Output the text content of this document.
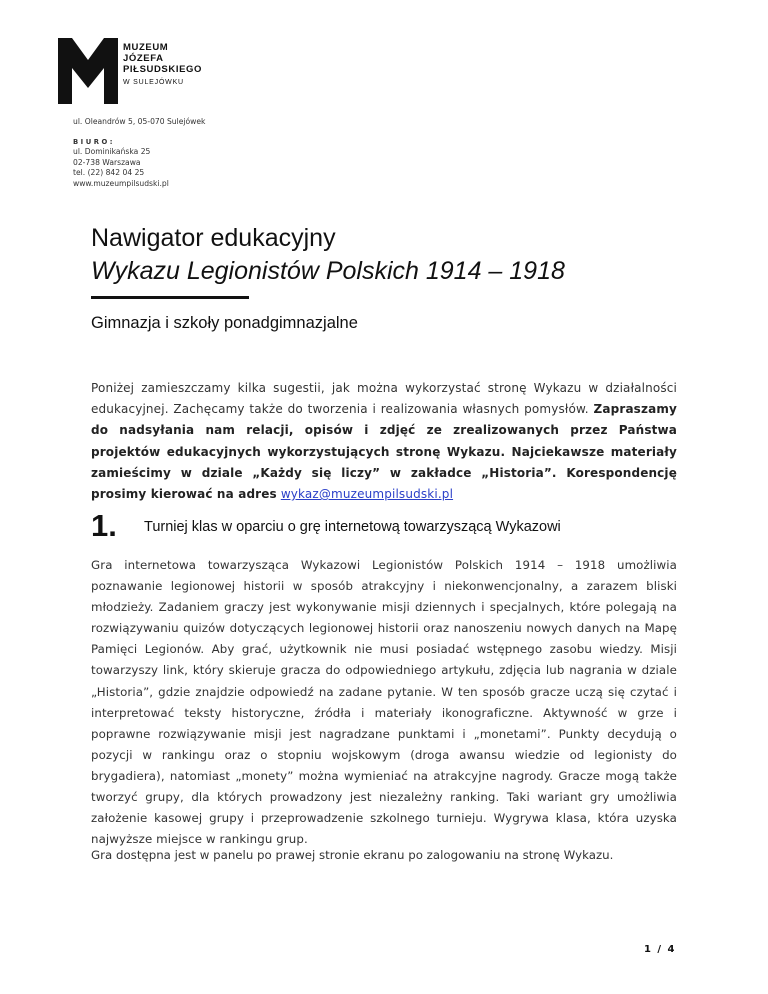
MUZEUM
JÓZEFA
PIŁSUDSKIEGO
W SULEJÓWKU
ul. Oleandrów 5, 05-070 Sulejówek
BIURO:
ul. Dominikańska 25
02-738 Warszawa
tel. (22) 842 04 25
www.muzeumpilsudski.pl
Nawigator edukacyjny
Wykazu Legionistów Polskich 1914 – 1918
Gimnazja i szkoły ponadgimnazjalne
Poniżej zamieszczamy kilka sugestii, jak można wykorzystać stronę Wykazu w działalności edukacyjnej. Zachęcamy także do tworzenia i realizowania własnych pomysłów. Zapraszamy do nadsyłania nam relacji, opisów i zdjęć ze zrealizowanych przez Państwa projektów edukacyjnych wykorzystujących stronę Wykazu. Najciekawsze materiały zamieścimy w dziale „Każdy się liczy” w zakładce „Historia”. Korespondencję prosimy kierować na adres wykaz@muzeumpilsudski.pl
1. Turniej klas w oparciu o grę internetową towarzyszącą Wykazowi
Gra internetowa towarzysząca Wykazowi Legionistów Polskich 1914 – 1918 umożliwia poznawanie legionowej historii w sposób atrakcyjny i niekonwencjonalny, a zarazem bliski młodzieży. Zadaniem graczy jest wykonywanie misji dziennych i specjalnych, które polegają na rozwiązywaniu quizów dotyczących legionowej historii oraz nanoszeniu nowych danych na Mapę Pamięci Legionów. Aby grać, użytkownik nie musi posiadać wstępnego zasobu wiedzy. Misji towarzyszy link, który skieruje gracza do odpowiedniego artykułu, zdjęcia lub nagrania w dziale „Historia”, gdzie znajdzie odpowiedź na zadane pytanie. W ten sposób gracze uczą się czytać i interpretować teksty historyczne, źródła i materiały ikonograficzne. Aktywność w grze i poprawne rozwiązywanie misji jest nagradzane punktami i „monetami”. Punkty decydują o pozycji w rankingu oraz o stopniu wojskowym (droga awansu wiedzie od legionisty do brygadiera), natomiast „monety” można wymieniać na atrakcyjne nagrody. Gracze mogą także tworzyć grupy, dla których prowadzony jest niezależny ranking. Taki wariant gry umożliwia założenie kasowej grupy i przeprowadzenie szkolnego turnieju. Wygrywa klasa, która uzyska najwyższe miejsce w rankingu grup.
Gra dostępna jest w panelu po prawej stronie ekranu po zalogowaniu na stronę Wykazu.
1 / 4
